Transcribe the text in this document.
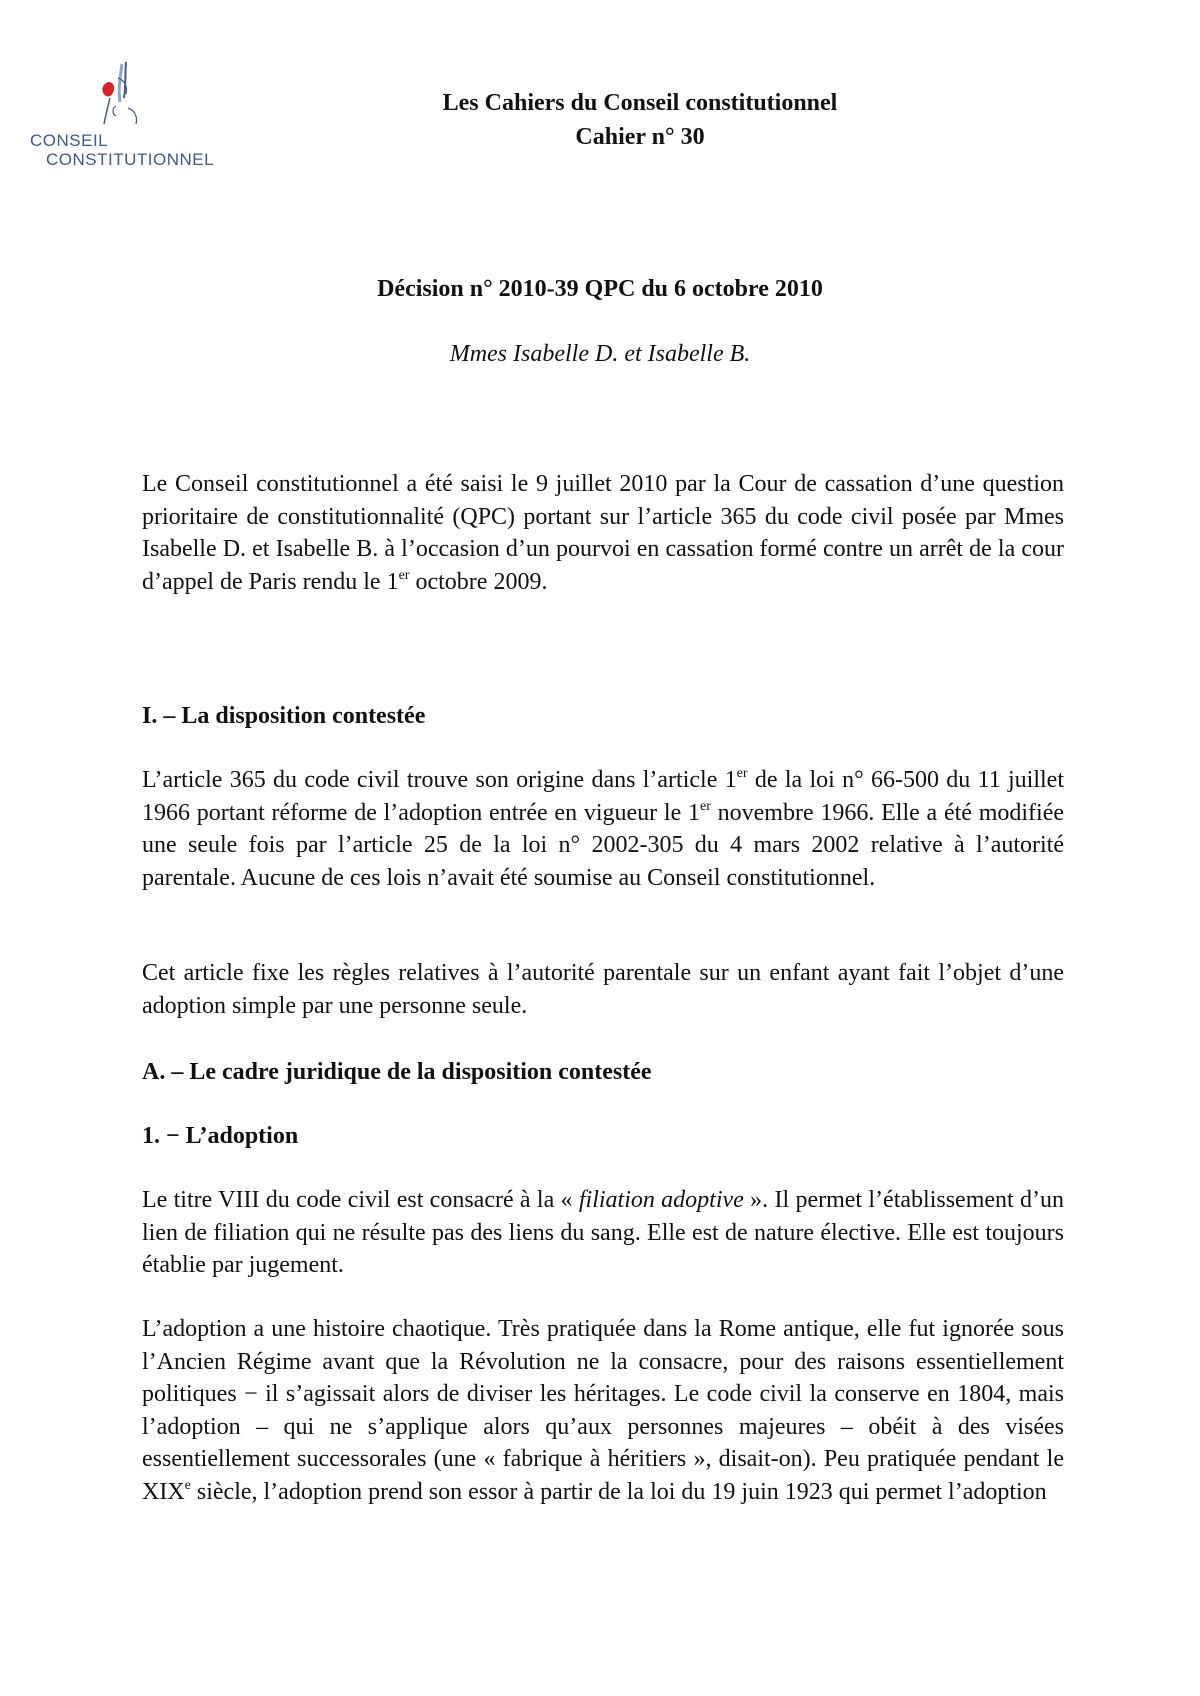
CONSEIL
CONSTITUTIONNEL
Les Cahiers du Conseil constitutionnel
Cahier n° 30
Décision n° 2010-39 QPC du 6 octobre 2010
Mmes Isabelle D. et Isabelle B.

Le Conseil constitutionnel a été saisi le 9 juillet 2010 par la Cour de cassation d’une question prioritaire de constitutionnalité (QPC) portant sur l’article 365 du code civil posée par Mmes Isabelle D. et Isabelle B. à l’occasion d’un pourvoi en cassation formé contre un arrêt de la cour d’appel de Paris rendu le 1er octobre 2009.

I. – La disposition contestée

L’article 365 du code civil trouve son origine dans l’article 1er de la loi n° 66-500 du 11 juillet 1966 portant réforme de l’adoption entrée en vigueur le 1er novembre 1966. Elle a été modifiée une seule fois par l’article 25 de la loi n° 2002-305 du 4 mars 2002 relative à l’autorité parentale. Aucune de ces lois n’avait été soumise au Conseil constitutionnel.

Cet article fixe les règles relatives à l’autorité parentale sur un enfant ayant fait l’objet d’une adoption simple par une personne seule.

A. – Le cadre juridique de la disposition contestée
1. − L’adoption

Le titre VIII du code civil est consacré à la « filiation adoptive ». Il permet l’établissement d’un lien de filiation qui ne résulte pas des liens du sang. Elle est de nature élective. Elle est toujours établie par jugement.

L’adoption a une histoire chaotique. Très pratiquée dans la Rome antique, elle fut ignorée sous l’Ancien Régime avant que la Révolution ne la consacre, pour des raisons essentiellement politiques − il s’agissait alors de diviser les héritages. Le code civil la conserve en 1804, mais l’adoption – qui ne s’applique alors qu’aux personnes majeures – obéit à des visées essentiellement successorales (une « fabrique à héritiers », disait-on). Peu pratiquée pendant le XIXe siècle, l’adoption prend son essor à partir de la loi du 19 juin 1923 qui permet l’adoption
